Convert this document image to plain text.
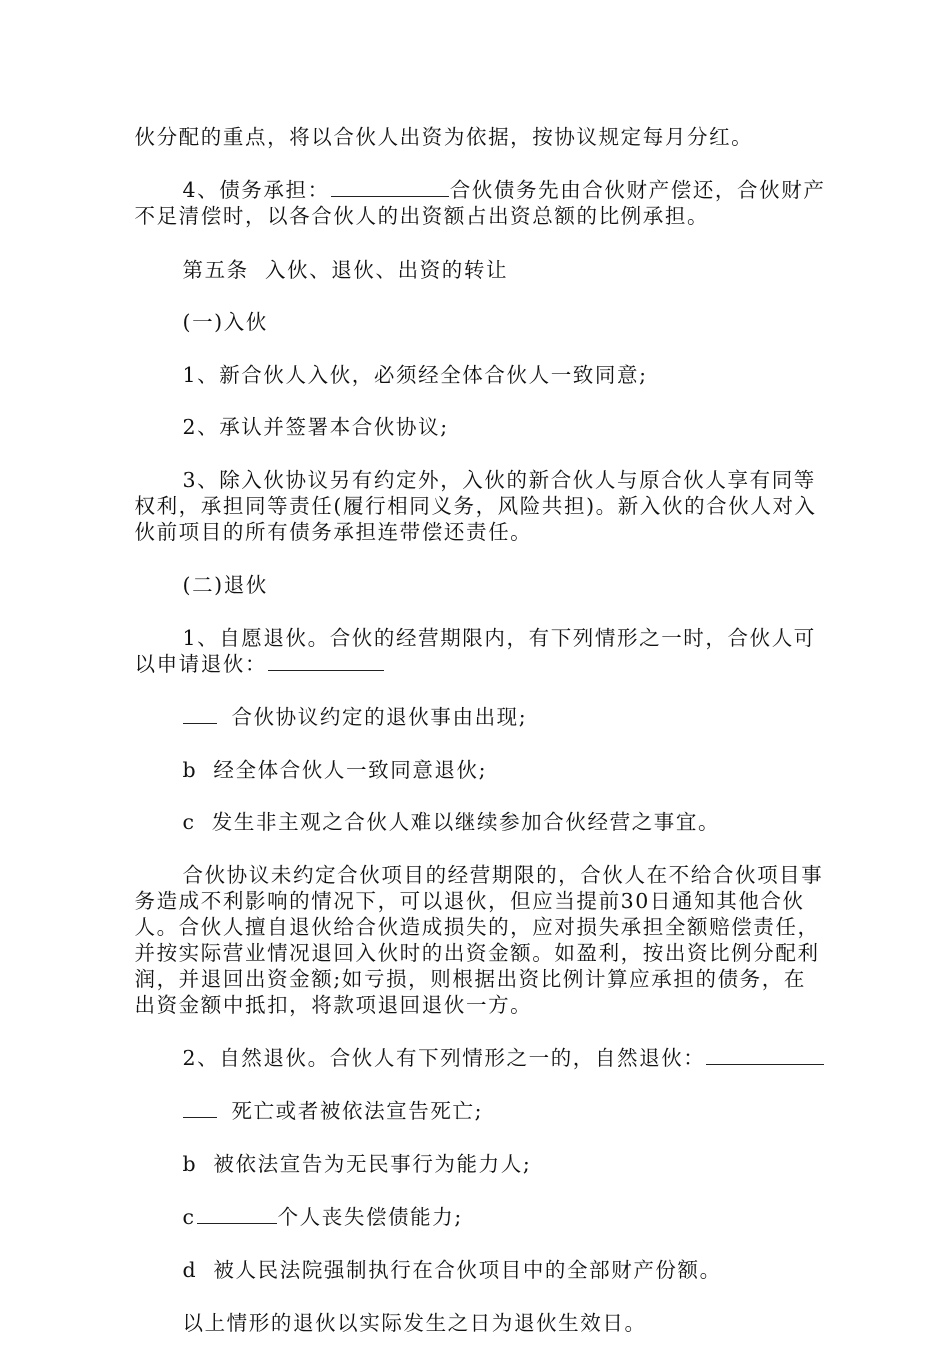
伙分配的重点，将以合伙人出资为依据，按协议规定每月分红。

4、债务承担：	合伙债务先由合伙财产偿还，合伙财产

不足清偿时，以各合伙人的出资额占出资总额的比例承担。

第五条  入伙、退伙、出资的转让

(一)入伙

1、新合伙人入伙，必须经全体合伙人一致同意;

2、承认并签署本合伙协议;

3、除入伙协议另有约定外，入伙的新合伙人与原合伙人享有同等

权利，承担同等责任(履行相同义务，风险共担)。新入伙的合伙人对入

伙前项目的所有债务承担连带偿还责任。

(二)退伙

1、自愿退伙。合伙的经营期限内，有下列情形之一时，合伙人可

以申请退伙：

合伙协议约定的退伙事由出现;

b  经全体合伙人一致同意退伙;

c  发生非主观之合伙人难以继续参加合伙经营之事宜。

合伙协议未约定合伙项目的经营期限的，合伙人在不给合伙项目事

务造成不利影响的情况下，可以退伙，但应当提前30日通知其他合伙

人。合伙人擅自退伙给合伙造成损失的，应对损失承担全额赔偿责任，

并按实际营业情况退回入伙时的出资金额。如盈利，按出资比例分配利

润，并退回出资金额;如亏损，则根据出资比例计算应承担的债务，在

出资金额中抵扣，将款项退回退伙一方。

2、自然退伙。合伙人有下列情形之一的，自然退伙：

死亡或者被依法宣告死亡;

b  被依法宣告为无民事行为能力人;

c	个人丧失偿债能力;

d  被人民法院强制执行在合伙项目中的全部财产份额。

以上情形的退伙以实际发生之日为退伙生效日。
